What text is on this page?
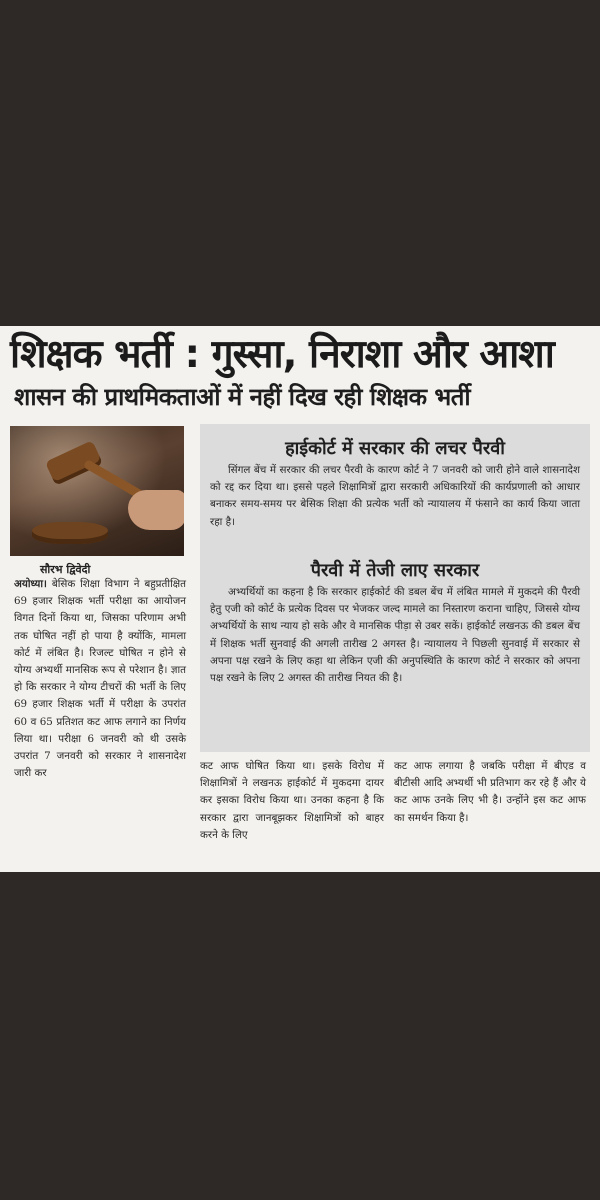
शिक्षक भर्ती : गुस्सा, निराशा और आशा
शासन की प्राथमिकताओं में नहीं दिख रही शिक्षक भर्ती
सौरभ द्विवेदी
अयोध्या। बेसिक शिक्षा विभाग ने बहुप्रतीक्षित 69 हजार शिक्षक भर्ती परीक्षा का आयोजन विगत दिनों किया था, जिसका परिणाम अभी तक घोषित नहीं हो पाया है क्योंकि, मामला कोर्ट में लंबित है। रिजल्ट घोषित न होने से योग्य अभ्यर्थी मानसिक रूप से परेशान है। ज्ञात हो कि सरकार ने योग्य टीचरों की भर्ती के लिए 69 हजार शिक्षक भर्ती में परीक्षा के उपरांत 60 व 65 प्रतिशत कट आफ लगाने का निर्णय लिया था। परीक्षा 6 जनवरी को थी उसके उपरांत 7 जनवरी को सरकार ने शासनादेश जारी कर
हाईकोर्ट में सरकार की लचर पैरवी
सिंगल बेंच में सरकार की लचर पैरवी के कारण कोर्ट ने 7 जनवरी को जारी होने वाले शासनादेश को रद्द कर दिया था। इससे पहले शिक्षामित्रों द्वारा सरकारी अधिकारियों की कार्यप्रणाली को आधार बनाकर समय-समय पर बेसिक शिक्षा की प्रत्येक भर्ती को न्यायालय में फंसाने का कार्य किया जाता रहा है।
पैरवी में तेजी लाए सरकार
अभ्यर्थियों का कहना है कि सरकार हाईकोर्ट की डबल बेंच में लंबित मामले में मुकदमे की पैरवी हेतु एजी को कोर्ट के प्रत्येक दिवस पर भेजकर जल्द मामले का निस्तारण कराना चाहिए, जिससे योग्य अभ्यर्थियों के साथ न्याय हो सके और वे मानसिक पीड़ा से उबर सकें। हाईकोर्ट लखनऊ की डबल बेंच में शिक्षक भर्ती सुनवाई की अगली तारीख 2 अगस्त है। न्यायालय ने पिछली सुनवाई में सरकार से अपना पक्ष रखने के लिए कहा था लेकिन एजी की अनुपस्थिति के कारण कोर्ट ने सरकार को अपना पक्ष रखने के लिए 2 अगस्त की तारीख नियत की है।
कट आफ घोषित किया था। इसके विरोध में शिक्षामित्रों ने लखनऊ हाईकोर्ट में मुकदमा दायर कर इसका विरोध किया था। उनका कहना है कि सरकार द्वारा जानबूझकर शिक्षामित्रों को बाहर करने के लिए
कट आफ लगाया है जबकि परीक्षा में बीएड व बीटीसी आदि अभ्यर्थी भी प्रतिभाग कर रहे हैं और ये कट आफ उनके लिए भी है। उन्होंने इस कट आफ का समर्थन किया है।
